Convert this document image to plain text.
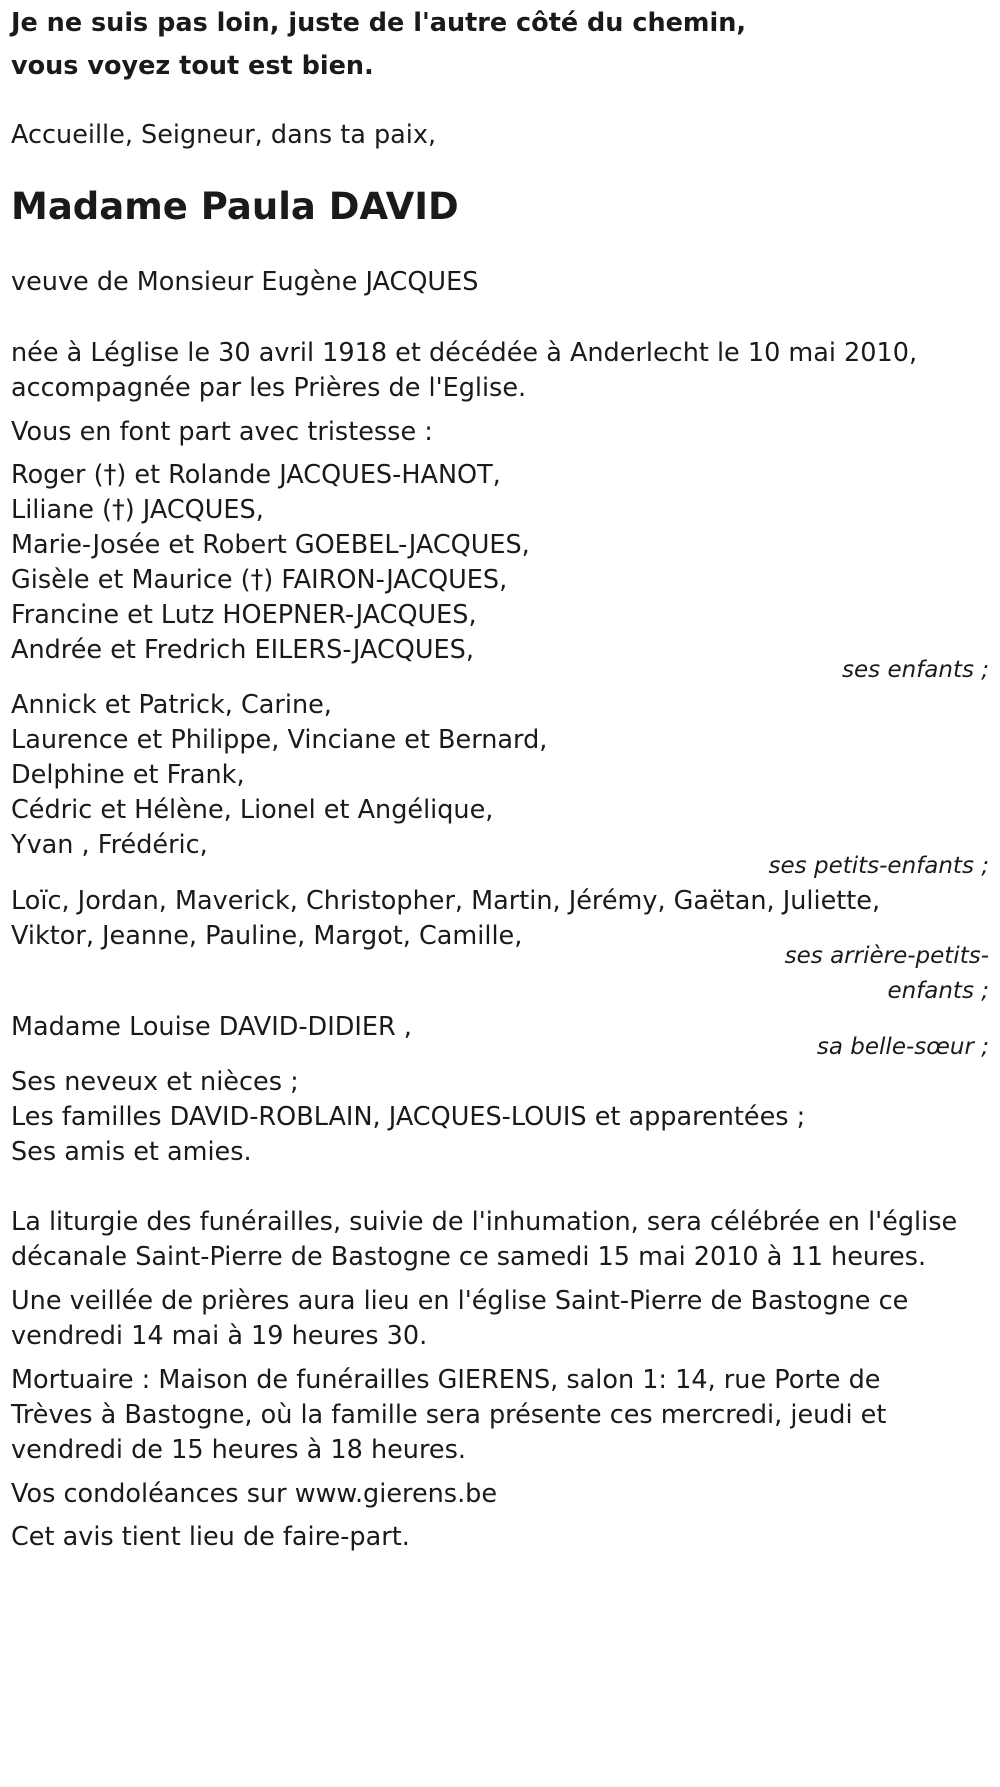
Je ne suis pas loin, juste de l'autre côté du chemin,
vous voyez tout est bien.
Accueille, Seigneur, dans ta paix,
Madame Paula DAVID
veuve de Monsieur Eugène JACQUES
née à Léglise le 30 avril 1918 et décédée à Anderlecht le 10 mai 2010,
accompagnée par les Prières de l'Eglise.
Vous en font part avec tristesse :
Roger (†) et Rolande JACQUES-HANOT,
Liliane (†) JACQUES,
Marie-Josée et Robert GOEBEL-JACQUES,
Gisèle et Maurice (†) FAIRON-JACQUES,
Francine et Lutz HOEPNER-JACQUES,
Andrée et Fredrich EILERS-JACQUES,
ses enfants ;
Annick et Patrick, Carine,
Laurence et Philippe, Vinciane et Bernard,
Delphine et Frank,
Cédric et Hélène, Lionel et Angélique,
Yvan , Frédéric,
ses petits-enfants ;
Loïc, Jordan, Maverick, Christopher, Martin, Jérémy, Gaëtan, Juliette,
Viktor, Jeanne, Pauline, Margot, Camille,
ses arrière-petits-
enfants ;
Madame Louise DAVID-DIDIER ,
sa belle-sœur ;
Ses neveux et nièces ;
Les familles DAVID-ROBLAIN, JACQUES-LOUIS et apparentées ;
Ses amis et amies.
La liturgie des funérailles, suivie de l'inhumation, sera célébrée en l'église
décanale Saint-Pierre de Bastogne ce samedi 15 mai 2010 à 11 heures.
Une veillée de prières aura lieu en l'église Saint-Pierre de Bastogne ce
vendredi 14 mai à 19 heures 30.
Mortuaire : Maison de funérailles GIERENS, salon 1: 14, rue Porte de
Trèves à Bastogne, où la famille sera présente ces mercredi, jeudi et
vendredi de 15 heures à 18 heures.
Vos condoléances sur www.gierens.be
Cet avis tient lieu de faire-part.
